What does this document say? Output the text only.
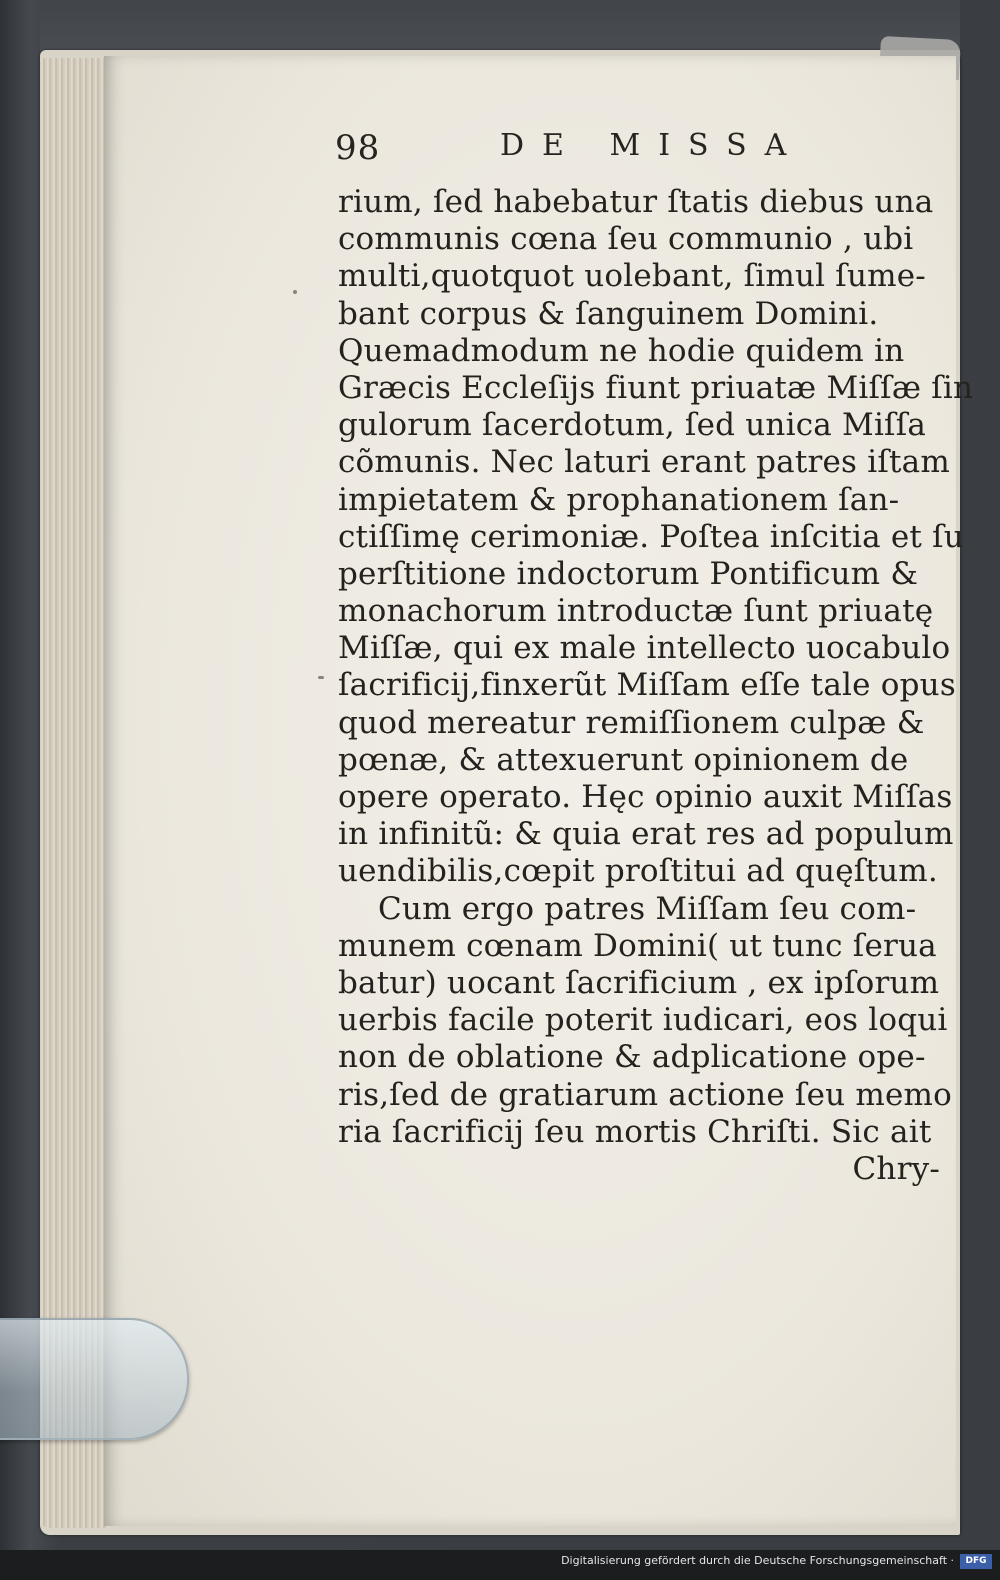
98	DE MISSA
rium, ſed habebatur ſtatis diebus una
communis cœna ſeu communio , ubi
multi,quotquot uolebant, ſimul ſume-
bant corpus & ſanguinem Domini.
Quemadmodum ne hodie quidem in
Græcis Eccleſijs fiunt priuatæ Miſſæ ſin
gulorum ſacerdotum, ſed unica Miſſa
cõmunis. Nec laturi erant patres iſtam
impietatem & prophanationem ſan-
ctiſſimę cerimoniæ. Poſtea inſcitia et ſu
perſtitione indoctorum Pontificum &
monachorum introductæ ſunt priuatę
Miſſæ, qui ex male intellecto uocabulo
ſacrificij,finxerũt Miſſam eſſe tale opus
quod mereatur remiſſionem culpæ &
pœnæ, & attexuerunt opinionem de
opere operato. Hęc opinio auxit Miſſas
in infinitũ: & quia erat res ad populum
uendibilis,cœpit proſtitui ad quęſtum.
Cum ergo patres Miſſam ſeu com-
munem cœnam Domini( ut tunc ſerua
batur) uocant ſacrificium , ex ipſorum
uerbis facile poterit iudicari, eos loqui
non de oblatione & adplicatione ope-
ris,ſed de gratiarum actione ſeu memo
ria ſacrificij ſeu mortis Chriſti. Sic ait
Chry-
Digitalisierung gefördert durch die Deutsche Forschungsgemeinschaft ·	DFG
